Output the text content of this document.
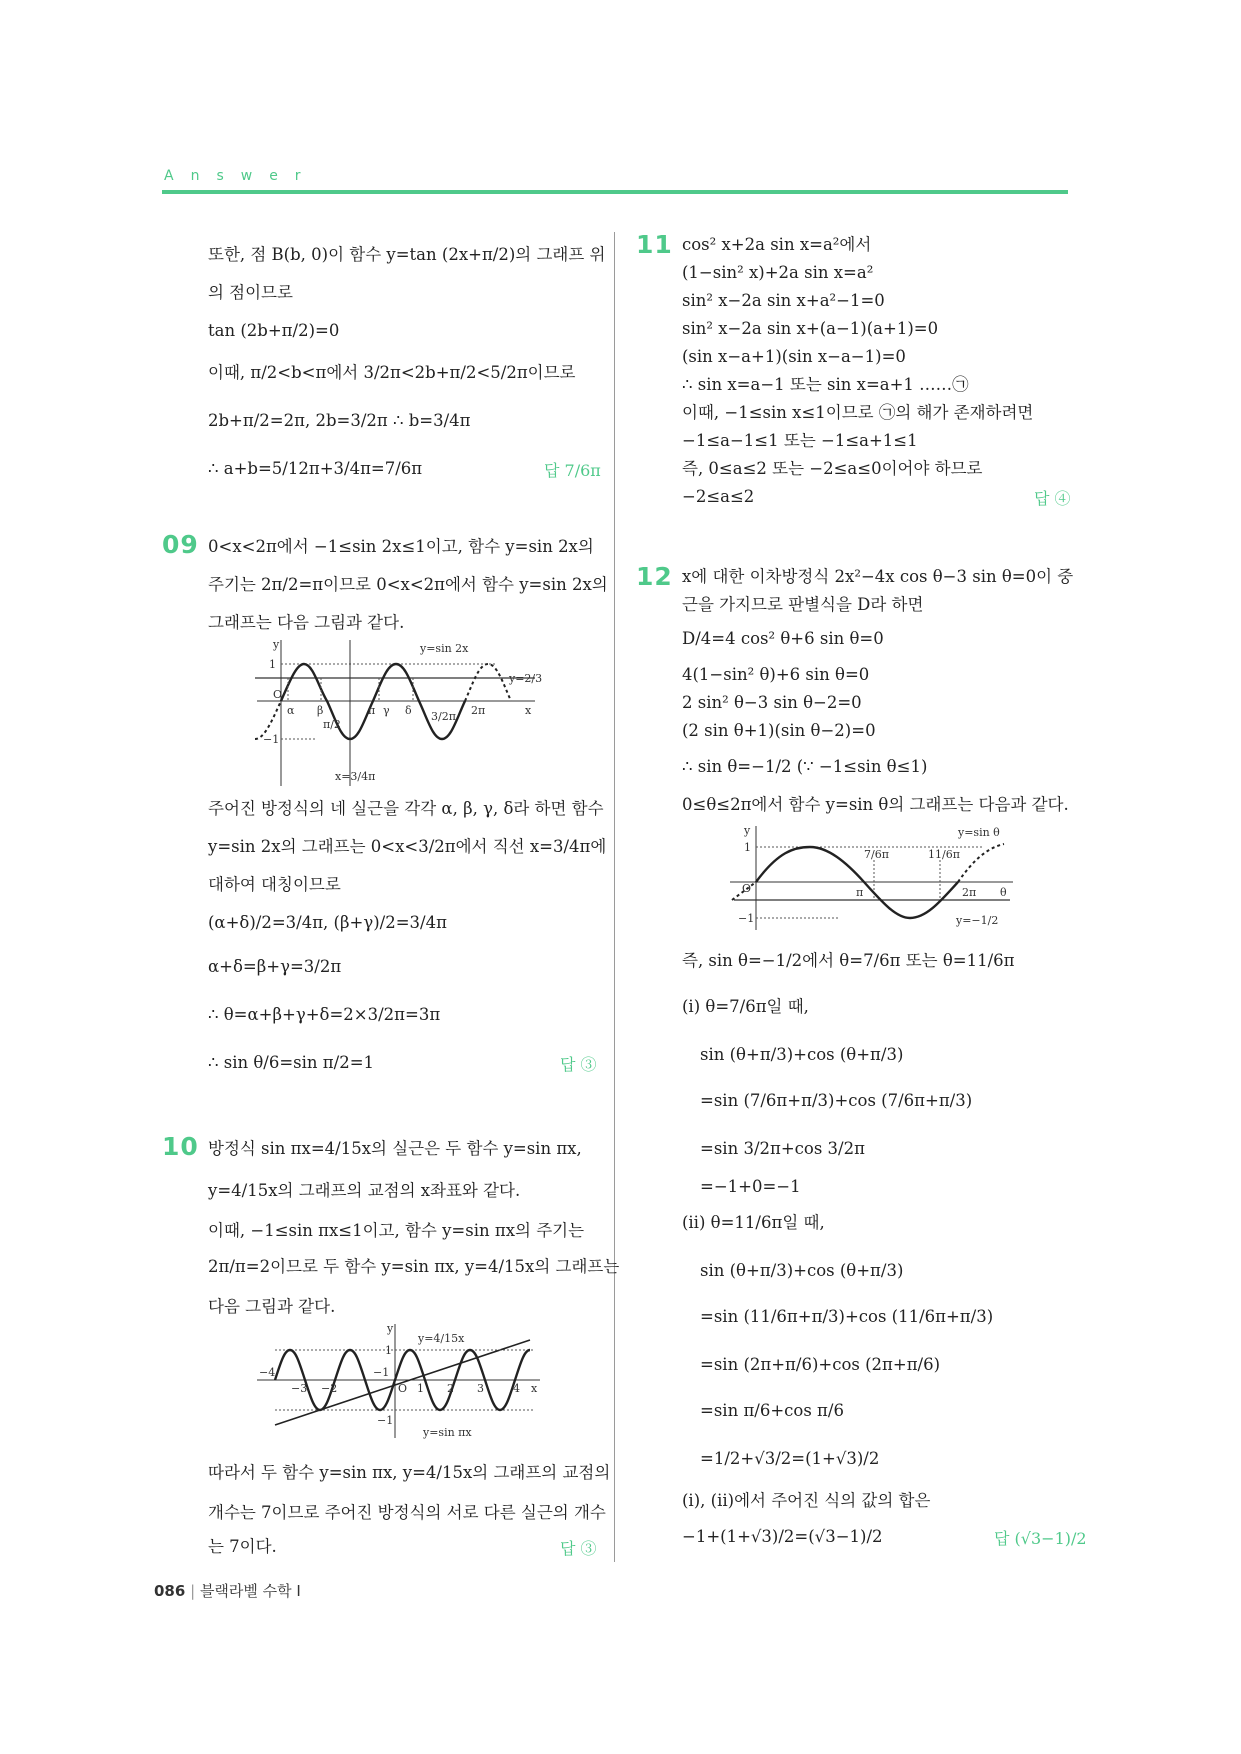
Answer
또한, 점 B(b, 0)이 함수 y=tan (2x+π/2)의 그래프 위
의 점이므로
tan (2b+π/2)=0
이때, π/2<b<π에서 3/2π<2b+π/2<5/2π이므로
2b+π/2=2π, 2b=3/2π ∴ b=3/4π
∴ a+b=5/12π+3/4π=7/6π	답 7/6π
09 0<x<2π에서 −1≤sin 2x≤1이고, 함수 y=sin 2x의
주기는 2π/2=π이므로 0<x<2π에서 함수 y=sin 2x의
그래프는 다음 그림과 같다.
y=sin 2x
y=2/3
x=3/4π
O
x
y
1
−1
α β
π/2
π γ δ 3/2π 2π
주어진 방정식의 네 실근을 각각 α, β, γ, δ라 하면 함수
y=sin 2x의 그래프는 0<x<3/2π에서 직선 x=3/4π에
대하여 대칭이므로
(α+δ)/2=3/4π, (β+γ)/2=3/4π
α+δ=β+γ=3/2π
∴ θ=α+β+γ+δ=2×3/2π=3π
∴ sin θ/6=sin π/2=1	답 ③
10 방정식 sin πx=4/15x의 실근은 두 함수 y=sin πx,
y=4/15x의 그래프의 교점의 x좌표와 같다.
이때, −1≤sin πx≤1이고, 함수 y=sin πx의 주기는
2π/π=2이므로 두 함수 y=sin πx, y=4/15x의 그래프는
다음 그림과 같다.
y=4/15x
y=sin πx
O	x
y
1
−1
−4
−3 −2
−1
1 2 3	4
따라서 두 함수 y=sin πx, y=4/15x의 그래프의 교점의
개수는 7이므로 주어진 방정식의 서로 다른 실근의 개수
는 7이다.	답 ③
11 cos² x+2a sin x=a²에서
(1−sin² x)+2a sin x=a²
sin² x−2a sin x+a²−1=0
sin² x−2a sin x+(a−1)(a+1)=0
(sin x−a+1)(sin x−a−1)=0
∴ sin x=a−1 또는 sin x=a+1 ……㉠
이때, −1≤sin x≤1이므로 ㉠의 해가 존재하려면
−1≤a−1≤1 또는 −1≤a+1≤1
즉, 0≤a≤2 또는 −2≤a≤0이어야 하므로
−2≤a≤2	답 ④
12 x에 대한 이차방정식 2x²−4x cos θ−3 sin θ=0이 중
근을 가지므로 판별식을 D라 하면
D/4=4 cos² θ+6 sin θ=0
4(1−sin² θ)+6 sin θ=0
2 sin² θ−3 sin θ−2=0
(2 sin θ+1)(sin θ−2)=0
∴ sin θ=−1/2 (∵ −1≤sin θ≤1)
0≤θ≤2π에서 함수 y=sin θ의 그래프는 다음과 같다.
y=sin θ
y=−1/2
O	θ
y
1
−1
π
7/6π	11/6π
2π
즉, sin θ=−1/2에서 θ=7/6π 또는 θ=11/6π
(ⅰ) θ=7/6π일 때,
sin (θ+π/3)+cos (θ+π/3)
=sin (7/6π+π/3)+cos (7/6π+π/3)
=sin 3/2π+cos 3/2π
=−1+0=−1
(ⅱ) θ=11/6π일 때,
sin (θ+π/3)+cos (θ+π/3)
=sin (11/6π+π/3)+cos (11/6π+π/3)
=sin (2π+π/6)+cos (2π+π/6)
=sin π/6+cos π/6
=1/2+√3/2=(1+√3)/2
(ⅰ), (ⅱ)에서 주어진 식의 값의 합은
−1+(1+√3)/2=(√3−1)/2	답 (√3−1)/2
086 | 블랙라벨 수학 Ⅰ
